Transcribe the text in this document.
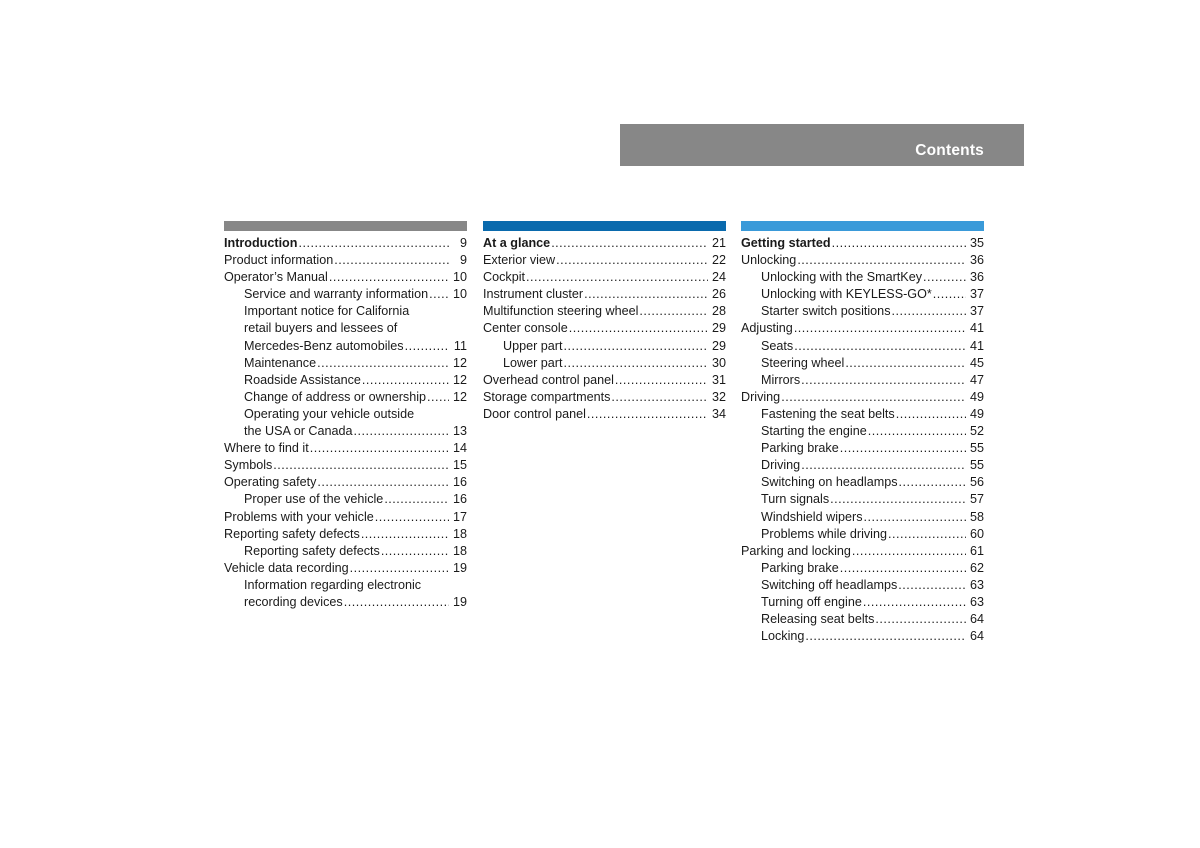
Contents
Introduction .....	9
Product information .....	9
Operator’s Manual .....	10
Service and warranty information ..... 10
Important notice for California
retail buyers and lessees of
Mercedes-Benz automobiles .....	11
Maintenance .....	12
Roadside Assistance .....	12
Change of address or ownership ..... 12
Operating your vehicle outside
the USA or Canada .....	13
Where to find it .....	14
Symbols .....	15
Operating safety .....	16
Proper use of the vehicle .....	16
Problems with your vehicle .....	17
Reporting safety defects .....	18
Reporting safety defects .....	18
Vehicle data recording .....	19
Information regarding electronic
recording devices .....	19
At a glance .....	21
Exterior view .....	22
Cockpit .....	24
Instrument cluster .....	26
Multifunction steering wheel .....	28
Center console .....	29
Upper part .....	29
Lower part .....	30
Overhead control panel .....	31
Storage compartments .....	32
Door control panel .....	34
Getting started .....	35
Unlocking .....	36
Unlocking with the SmartKey .....	36
Unlocking with KEYLESS-GO* .....	37
Starter switch positions .....	37
Adjusting .....	41
Seats .....	41
Steering wheel .....	45
Mirrors .....	47
Driving .....	49
Fastening the seat belts .....	49
Starting the engine .....	52
Parking brake .....	55
Driving .....	55
Switching on headlamps .....	56
Turn signals .....	57
Windshield wipers .....	58
Problems while driving .....	60
Parking and locking .....	61
Parking brake .....	62
Switching off headlamps .....	63
Turning off engine .....	63
Releasing seat belts .....	64
Locking .....	64
